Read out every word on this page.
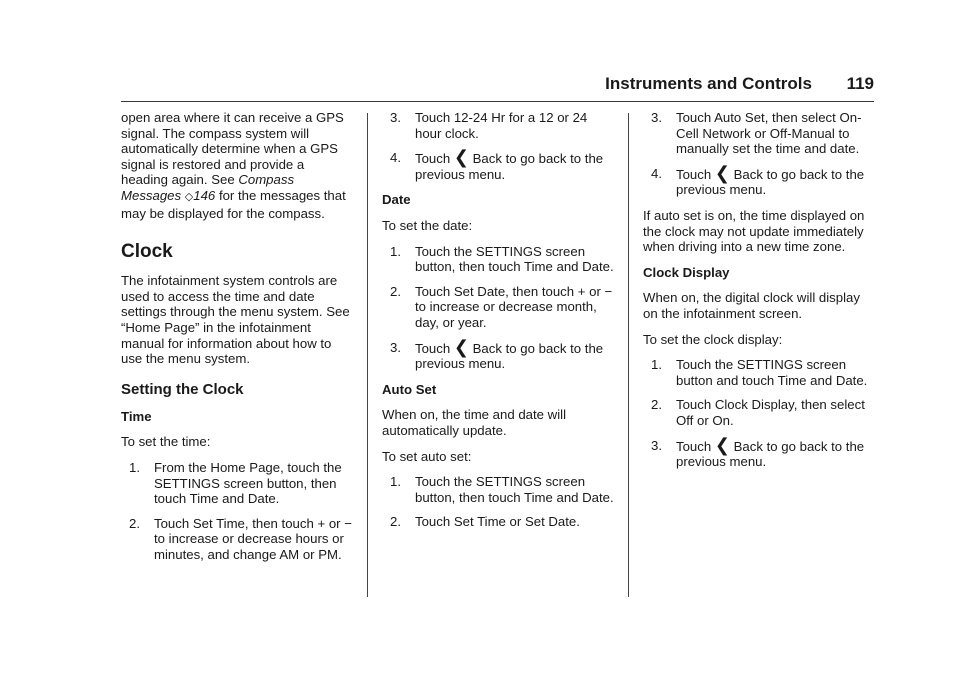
Instruments and Controls 119

open area where it can receive a GPS signal. The compass system will automatically determine when a GPS signal is restored and provide a heading again. See Compass Messages ◇146 for the messages that may be displayed for the compass.

Clock

The infotainment system controls are used to access the time and date settings through the menu system. See “Home Page” in the infotainment manual for information about how to use the menu system.

Setting the Clock
Time

To set the time:

1. From the Home Page, touch the SETTINGS screen button, then touch Time and Date.
2. Touch Set Time, then touch + or − to increase or decrease hours or minutes, and change AM or PM.
3. Touch 12-24 Hr for a 12 or 24 hour clock.
4. Touch ❮ Back to go back to the previous menu.
Date

To set the date:

1. Touch the SETTINGS screen button, then touch Time and Date.
2. Touch Set Date, then touch + or − to increase or decrease month, day, or year.
3. Touch ❮ Back to go back to the previous menu.
Auto Set

When on, the time and date will automatically update.

To set auto set:

1. Touch the SETTINGS screen button, then touch Time and Date.
2. Touch Set Time or Set Date.
3. Touch Auto Set, then select On-Cell Network or Off-Manual to manually set the time and date.
4. Touch ❮ Back to go back to the previous menu.

If auto set is on, the time displayed on the clock may not update immediately when driving into a new time zone.

Clock Display

When on, the digital clock will display on the infotainment screen.

To set the clock display:

1. Touch the SETTINGS screen button and touch Time and Date.
2. Touch Clock Display, then select Off or On.
3. Touch ❮ Back to go back to the previous menu.
